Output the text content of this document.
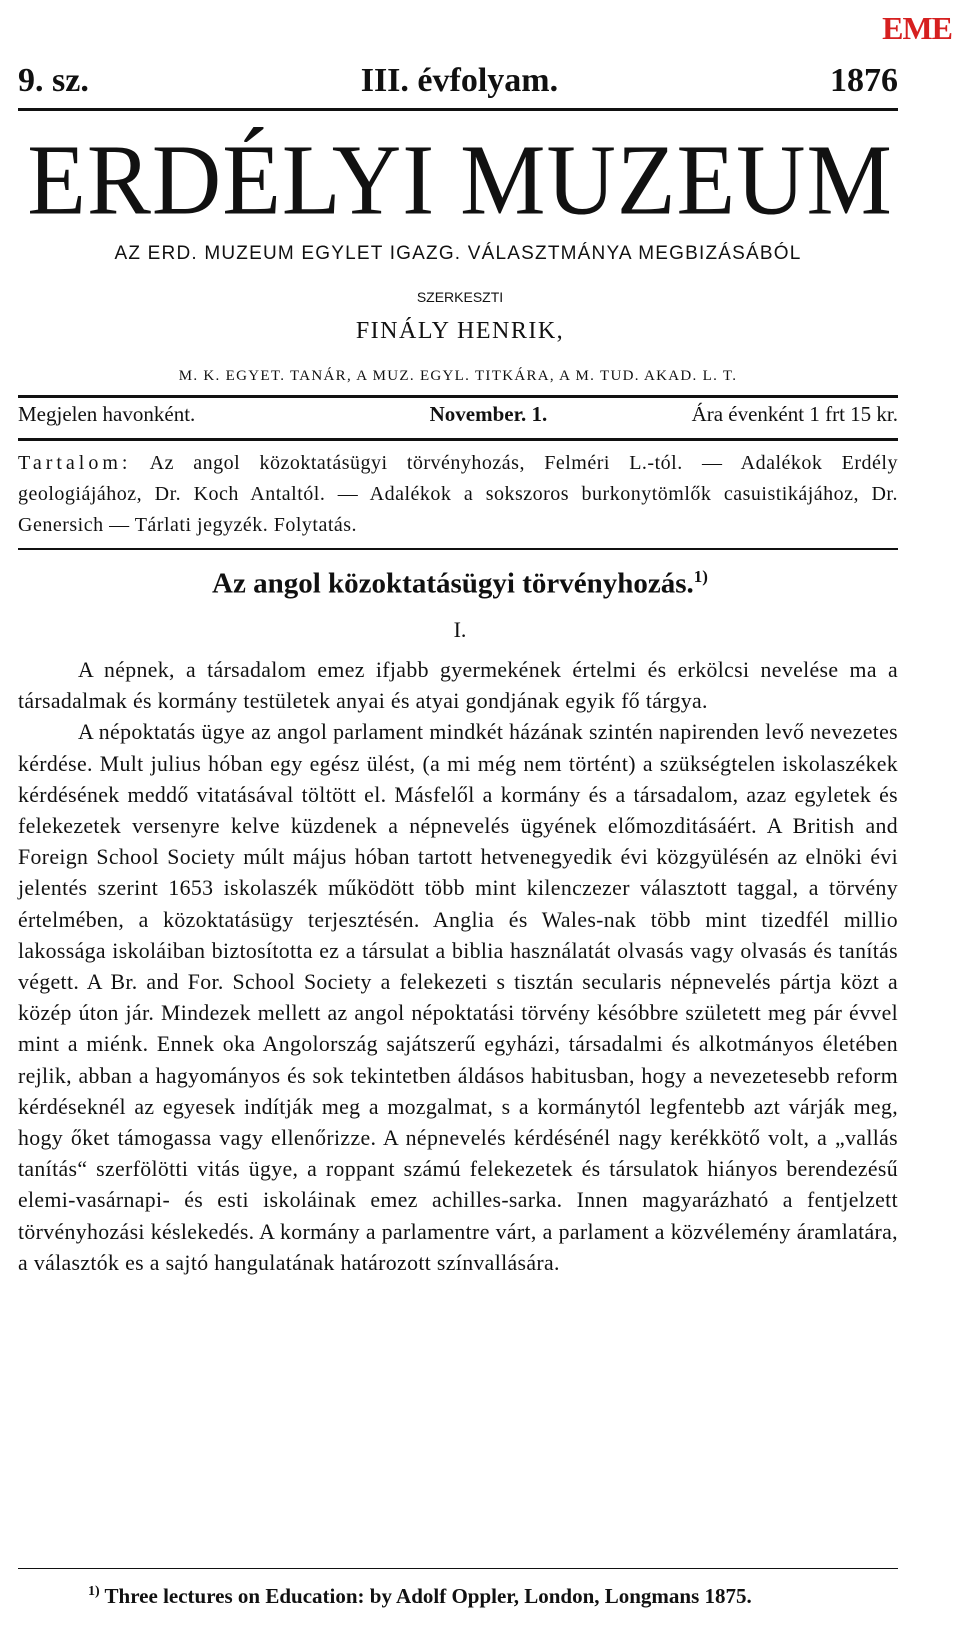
EME
9. sz.	III. évfolyam.	1876
ERDÉLYI MUZEUM
AZ ERD. MUZEUM EGYLET IGAZG. VÁLASZTMÁNYA MEGBIZÁSÁBÓL
SZERKESZTI
FINÁLY HENRIK,
M. K. EGYET. TANÁR, A MUZ. EGYL. TITKÁRA, A M. TUD. AKAD. L. T.
Megjelen havonként.	November. 1.	Ára évenként 1 frt 15 kr.
Tartalom: Az angol közoktatásügyi törvényhozás, Felméri L.-tól. — Adalékok Erdély geologiájához, Dr. Koch Antaltól. — Adalékok a sokszoros burkonytömlők casuistikájához, Dr. Genersich — Tárlati jegyzék. Folytatás.
Az angol közoktatásügyi törvényhozás.$^{1)}$
I.

A népnek, a társadalom emez ifjabb gyermekének értelmi és erkölcsi nevelése ma a társadalmak és kormány testületek anyai és atyai gondjának egyik fő tárgya.

A népoktatás ügye az angol parlament mindkét házának szintén napirenden levő nevezetes kérdése. Mult julius hóban egy egész ülést, (a mi még nem történt) a szükségtelen iskolaszékek kérdésének meddő vitatásával töltött el. Másfelől a kormány és a társadalom, azaz egyletek és felekezetek versenyre kelve küzdenek a népnevelés ügyének előmozditásáért. A British and Foreign School Society múlt május hóban tartott hetvenegyedik évi közgyülésén az elnöki évi jelentés szerint 1653 iskolaszék működött több mint kilenczezer választott taggal, a törvény értelmében, a közoktatásügy terjesztésén. Anglia és Wales-nak több mint tizedfél millio lakossága iskoláiban biztosította ez a társulat a biblia használatát olvasás vagy olvasás és tanítás végett. A Br. and For. School Society a felekezeti s tisztán secularis népnevelés pártja közt a közép úton jár. Mindezek mellett az angol népoktatási törvény késóbbre született meg pár évvel mint a miénk. Ennek oka Angolország sajátszerű egyházi, társadalmi és alkotmányos életében rejlik, abban a hagyományos és sok tekintetben áldásos habitusban, hogy a nevezetesebb reform kérdéseknél az egyesek indítják meg a mozgalmat, s a kormánytól legfentebb azt várják meg, hogy őket támogassa vagy ellenőrizze. A népnevelés kérdésénél nagy kerékkötő volt, a „vallás tanítás“ szerfölötti vitás ügye, a roppant számú felekezetek és társulatok hiányos berendezésű elemi-vasárnapi- és esti iskoláinak emez achilles-sarka. Innen magyarázható a fentjelzett törvényhozási késlekedés. A kormány a parlamentre várt, a parlament a közvélemény áramlatára, a választók es a sajtó hangulatának határozott színvallására.

$^{1)}$ Three lectures on Education: by Adolf Oppler, London, Longmans 1875.
